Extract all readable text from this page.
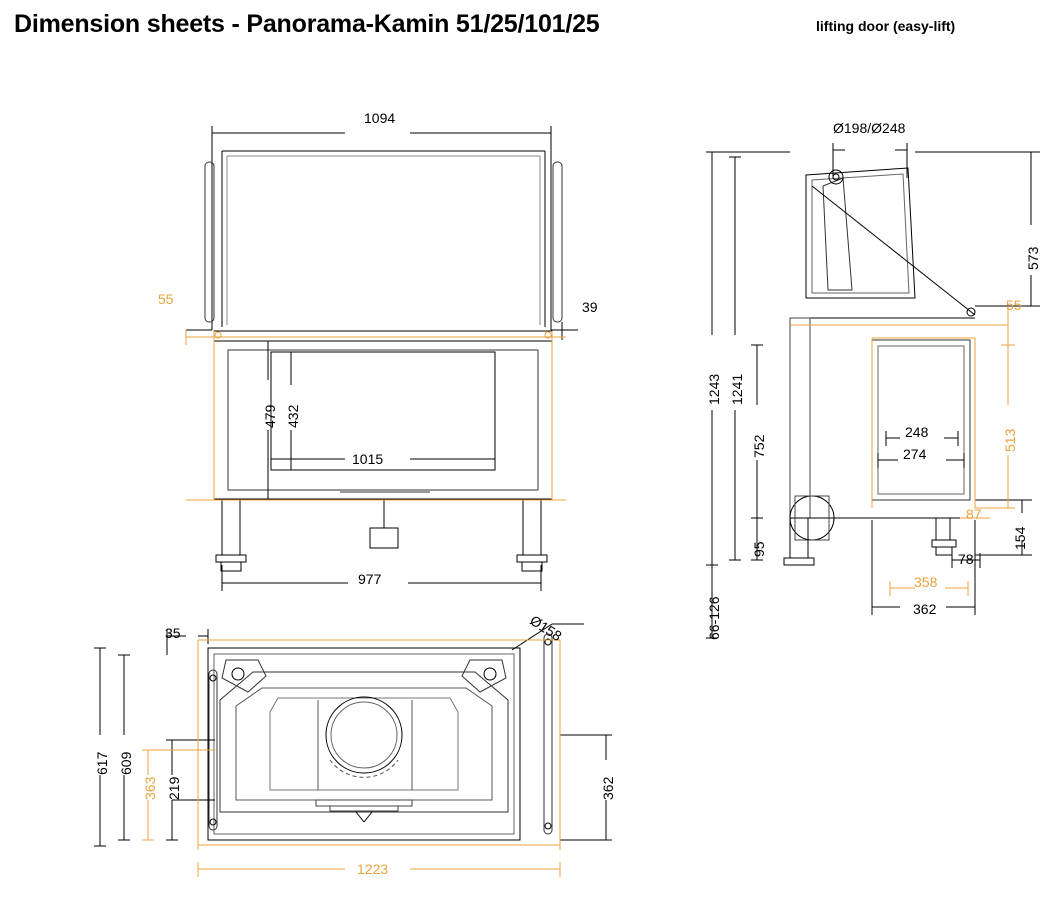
Dimension sheets - Panorama-Kamin 51/25/101/25	lifting door (easy-lift)
1094
55	39
479 432
1015
977
Ø198/Ø248
573
55
1243 1241
752	513
248
274
95
87
154
78
66-126
358
362
35	Ø158
617 609
363 219	362
1223
